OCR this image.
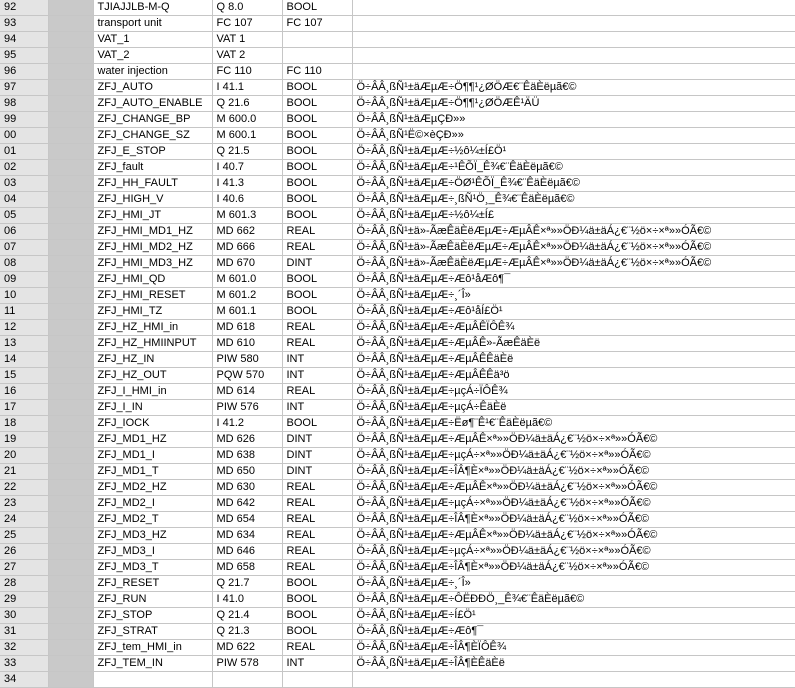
92		TJIAJJLB-M-Q	Q 8.0	BOOL	
93		transport unit	FC 107	FC 107	
94		VAT_1	VAT 1		
95		VAT_2	VAT 2		
96		water injection	FC 110	FC 110	
97		ZFJ_AUTO	I 41.1	BOOL	Ö÷ÂÂ¸ßÑ¹±äÆµÆ÷Ö¶¶¹¿ØÖÆ€¨ÊäÈëµã€©
98		ZFJ_AUTO_ENABLE	Q 21.6	BOOL	Ö÷ÂÂ¸ßÑ¹±äÆµÆ÷Ö¶¶¹¿ØÖÆÊ¹ÄÜ
99		ZFJ_CHANGE_BP	M 600.0	BOOL	Ö÷ÂÂ¸ßÑ¹±äÆµÇÐ»»
00		ZFJ_CHANGE_SZ	M 600.1	BOOL	Ö÷ÂÂ¸ßÑ¹Ë©×èÇÐ»»
01		ZFJ_E_STOP	Q 21.5	BOOL	Ö÷ÂÂ¸ßÑ¹±äÆµÆ÷½ô¼±Í£Ö¹
02		ZFJ_fault	I 40.7	BOOL	Ö÷ÂÂ¸ßÑ¹±äÆµÆ÷¹ÊÕÏ_Ê¾€¨ÊäÈëµã€©
03		ZFJ_HH_FAULT	I 41.3	BOOL	Ö÷ÂÂ¸ßÑ¹±äÆµÆ÷ÖØ¹ÊÕÏ_Ê¾€¨ÊäÈëµã€©
04		ZFJ_HIGH_V	I 40.6	BOOL	Ö÷ÂÂ¸ßÑ¹±äÆµÆ÷¸ßÑ¹Ö¸_Ê¾€¨ÊäÈëµã€©
05		ZFJ_HMI_JT	M 601.3	BOOL	Ö÷ÂÂ¸ßÑ¹±äÆµÆ÷½ô¼±Í£
06		ZFJ_HMI_MD1_HZ	MD 662	REAL	Ö÷ÂÂ¸ßÑ¹±ä»-ÃæÊäÈëÆµÆ÷ÆµÂÊ×ª»»ÖÐ¼ä±äÁ¿€¨½ö×÷×ª»»ÓÃ€©
07		ZFJ_HMI_MD2_HZ	MD 666	REAL	Ö÷ÂÂ¸ßÑ¹±ä»-ÃæÊäÈëÆµÆ÷ÆµÂÊ×ª»»ÖÐ¼ä±äÁ¿€¨½ö×÷×ª»»ÓÃ€©
08		ZFJ_HMI_MD3_HZ	MD 670	DINT	Ö÷ÂÂ¸ßÑ¹±ä»-ÃæÊäÈëÆµÆ÷ÆµÂÊ×ª»»ÖÐ¼ä±äÁ¿€¨½ö×÷×ª»»ÓÃ€©
09		ZFJ_HMI_QD	M 601.0	BOOL	Ö÷ÂÂ¸ßÑ¹±äÆµÆ÷Æô¹åÆô¶¯
10		ZFJ_HMI_RESET	M 601.2	BOOL	Ö÷ÂÂ¸ßÑ¹±äÆµÆ÷¸´Î»
11		ZFJ_HMI_TZ	M 601.1	BOOL	Ö÷ÂÂ¸ßÑ¹±äÆµÆ÷Æô¹åÍ£Ö¹
12		ZFJ_HZ_HMI_in	MD 618	REAL	Ö÷ÂÂ¸ßÑ¹±äÆµÆ÷ÆµÂÊÏÔÊ¾
13		ZFJ_HZ_HMIINPUT	MD 610	REAL	Ö÷ÂÂ¸ßÑ¹±äÆµÆ÷ÆµÂÊ»-ÃæÊäÈë
14		ZFJ_HZ_IN	PIW 580	INT	Ö÷ÂÂ¸ßÑ¹±äÆµÆ÷ÆµÂÊÊäÈë
15		ZFJ_HZ_OUT	PQW 570	INT	Ö÷ÂÂ¸ßÑ¹±äÆµÆ÷ÆµÂÊÊä³ö
16		ZFJ_I_HMI_in	MD 614	REAL	Ö÷ÂÂ¸ßÑ¹±äÆµÆ÷µçÁ÷ÏÔÊ¾
17		ZFJ_I_IN	PIW 576	INT	Ö÷ÂÂ¸ßÑ¹±äÆµÆ÷µçÁ÷ÊäÈë
18		ZFJ_IOCK	I 41.2	BOOL	Ö÷ÂÂ¸ßÑ¹±äÆµÆ÷Ëø¶¨Ê¹€¨ÊäÈëµã€©
19		ZFJ_MD1_HZ	MD 626	DINT	Ö÷ÂÂ¸ßÑ¹±äÆµÆ÷ÆµÂÊ×ª»»ÖÐ¼ä±äÁ¿€¨½ö×÷×ª»»ÓÃ€©
20		ZFJ_MD1_I	MD 638	DINT	Ö÷ÂÂ¸ßÑ¹±äÆµÆ÷µçÁ÷×ª»»ÖÐ¼ä±äÁ¿€¨½ö×÷×ª»»ÓÃ€©
21		ZFJ_MD1_T	MD 650	DINT	Ö÷ÂÂ¸ßÑ¹±äÆµÆ÷ÎÂ¶È×ª»»ÖÐ¼ä±äÁ¿€¨½ö×÷×ª»»ÓÃ€©
22		ZFJ_MD2_HZ	MD 630	REAL	Ö÷ÂÂ¸ßÑ¹±äÆµÆ÷ÆµÂÊ×ª»»ÖÐ¼ä±äÁ¿€¨½ö×÷×ª»»ÓÃ€©
23		ZFJ_MD2_I	MD 642	REAL	Ö÷ÂÂ¸ßÑ¹±äÆµÆ÷µçÁ÷×ª»»ÖÐ¼ä±äÁ¿€¨½ö×÷×ª»»ÓÃ€©
24		ZFJ_MD2_T	MD 654	REAL	Ö÷ÂÂ¸ßÑ¹±äÆµÆ÷ÎÂ¶È×ª»»ÖÐ¼ä±äÁ¿€¨½ö×÷×ª»»ÓÃ€©
25		ZFJ_MD3_HZ	MD 634	REAL	Ö÷ÂÂ¸ßÑ¹±äÆµÆ÷ÆµÂÊ×ª»»ÖÐ¼ä±äÁ¿€¨½ö×÷×ª»»ÓÃ€©
26		ZFJ_MD3_I	MD 646	REAL	Ö÷ÂÂ¸ßÑ¹±äÆµÆ÷µçÁ÷×ª»»ÖÐ¼ä±äÁ¿€¨½ö×÷×ª»»ÓÃ€©
27		ZFJ_MD3_T	MD 658	REAL	Ö÷ÂÂ¸ßÑ¹±äÆµÆ÷ÎÂ¶È×ª»»ÖÐ¼ä±äÁ¿€¨½ö×÷×ª»»ÓÃ€©
28		ZFJ_RESET	Q 21.7	BOOL	Ö÷ÂÂ¸ßÑ¹±äÆµÆ÷¸´Î»
29		ZFJ_RUN	I 41.0	BOOL	Ö÷ÂÂ¸ßÑ¹±äÆµÆ÷ÔËÐÐÖ¸_Ê¾€¨ÊäÈëµã€©
30		ZFJ_STOP	Q 21.4	BOOL	Ö÷ÂÂ¸ßÑ¹±äÆµÆ÷Í£Ö¹
31		ZFJ_STRAT	Q 21.3	BOOL	Ö÷ÂÂ¸ßÑ¹±äÆµÆ÷Æô¶¯
32		ZFJ_tem_HMI_in	MD 622	REAL	Ö÷ÂÂ¸ßÑ¹±äÆµÆ÷ÎÂ¶ÈÏÔÊ¾
33		ZFJ_TEM_IN	PIW 578	INT	Ö÷ÂÂ¸ßÑ¹±äÆµÆ÷ÎÂ¶ÈÊäÈë
34					
